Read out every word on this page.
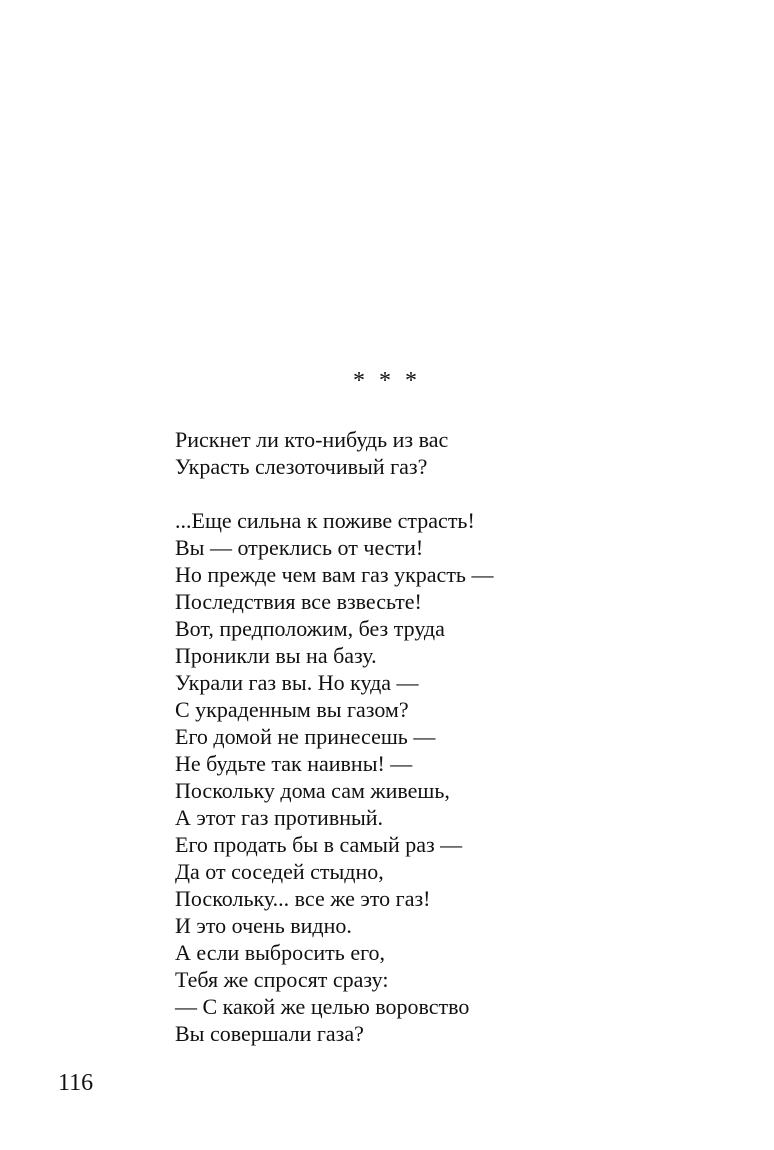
* * *
Рискнет ли кто-нибудь из вас
Украсть слезоточивый газ?
...Еще сильна к поживе страсть!
Вы — отреклись от чести!
Но прежде чем вам газ украсть —
Последствия все взвесьте!
Вот, предположим, без труда
Проникли вы на базу.
Украли газ вы. Но куда —
С украденным вы газом?
Его домой не принесешь —
Не будьте так наивны! —
Поскольку дома сам живешь,
А этот газ противный.
Его продать бы в самый раз —
Да от соседей стыдно,
Поскольку... все же это газ!
И это очень видно.
А если выбросить его,
Тебя же спросят сразу:
— С какой же целью воровство
Вы совершали газа?
116
